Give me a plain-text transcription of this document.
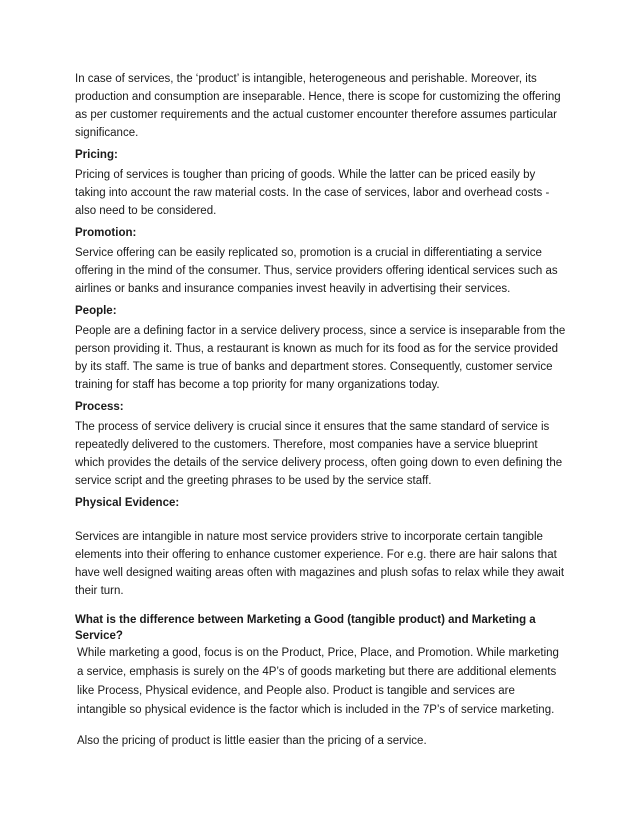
In case of services, the ‘product’ is intangible, heterogeneous and perishable. Moreover, its production and consumption are inseparable. Hence, there is scope for customizing the offering as per customer requirements and the actual customer encounter therefore assumes particular significance.

Pricing:

Pricing of services is tougher than pricing of goods. While the latter can be priced easily by taking into account the raw material costs. In the case of services, labor and overhead costs - also need to be considered.

Promotion:

Service offering can be easily replicated so, promotion is a crucial in differentiating a service offering in the mind of the consumer. Thus, service providers offering identical services such as airlines or banks and insurance companies invest heavily in advertising their services.

People:

People are a defining factor in a service delivery process, since a service is inseparable from the person providing it. Thus, a restaurant is known as much for its food as for the service provided by its staff. The same is true of banks and department stores. Consequently, customer service training for staff has become a top priority for many organizations today.

Process:

The process of service delivery is crucial since it ensures that the same standard of service is repeatedly delivered to the customers. Therefore, most companies have a service blueprint which provides the details of the service delivery process, often going down to even defining the service script and the greeting phrases to be used by the service staff.

Physical Evidence:

Services are intangible in nature most service providers strive to incorporate certain tangible elements into their offering to enhance customer experience. For e.g. there are hair salons that have well designed waiting areas often with magazines and plush sofas to relax while they await their turn.

What is the difference between Marketing a Good (tangible product) and Marketing a Service?

While marketing a good, focus is on the Product, Price, Place, and Promotion. While marketing a service, emphasis is surely on the 4P’s of goods marketing but there are additional elements like Process, Physical evidence, and People also. Product is tangible and services are intangible so physical evidence is the factor which is included in the 7P’s of service marketing.

Also the pricing of product is little easier than the pricing of a service.
